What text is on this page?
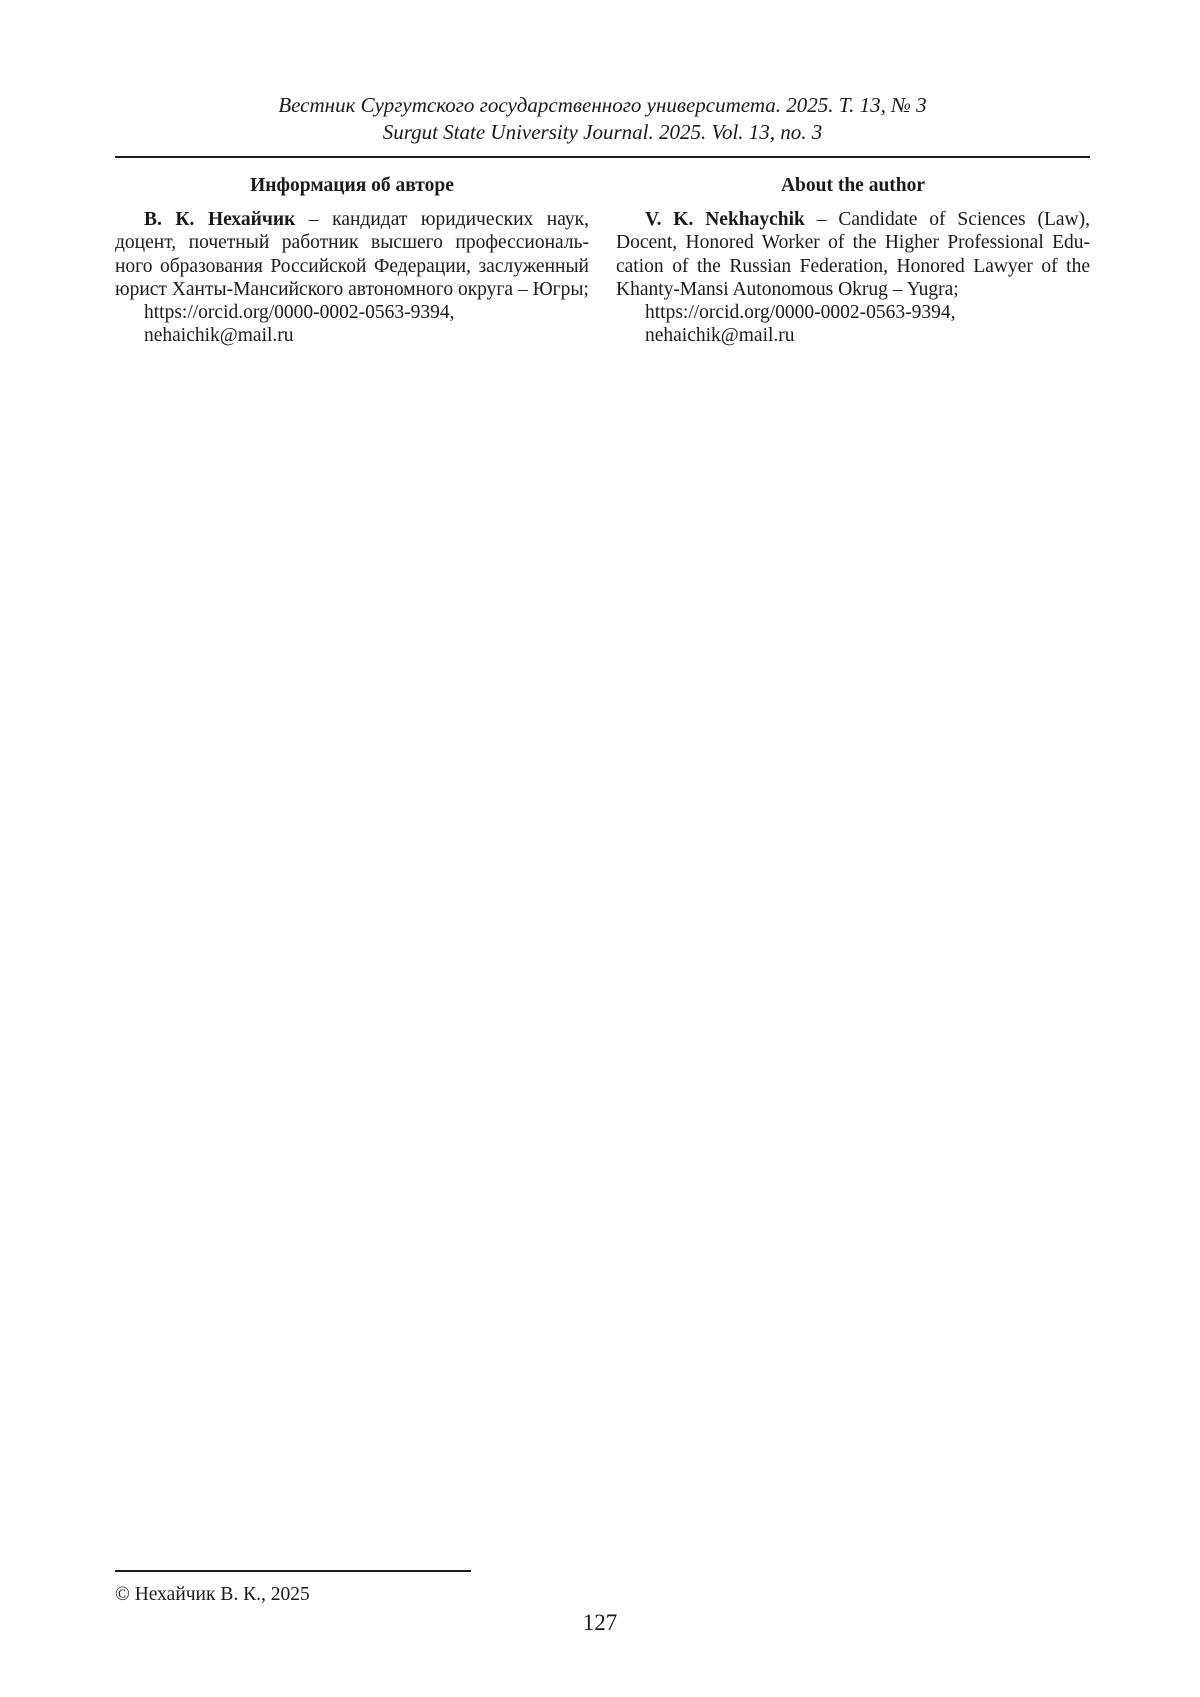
Вестник Сургутского государственного университета. 2025. Т. 13, № 3
Surgut State University Journal. 2025. Vol. 13, no. 3
Информация об авторе

В. К. Нехайчик – кандидат юридических наук, доцент, почетный работник высшего профессионального образования Российской Федерации, заслуженный юрист Ханты-Мансийского автономного округа – Югры;

https://orcid.org/0000-0002-0563-9394,
nehaichik@mail.ru
About the author

V. K. Nekhaychik – Candidate of Sciences (Law), Docent, Honored Worker of the Higher Professional Education of the Russian Federation, Honored Lawyer of the Khanty-Mansi Autonomous Okrug – Yugra;

https://orcid.org/0000-0002-0563-9394,
nehaichik@mail.ru
© Нехайчик В. К., 2025
127
